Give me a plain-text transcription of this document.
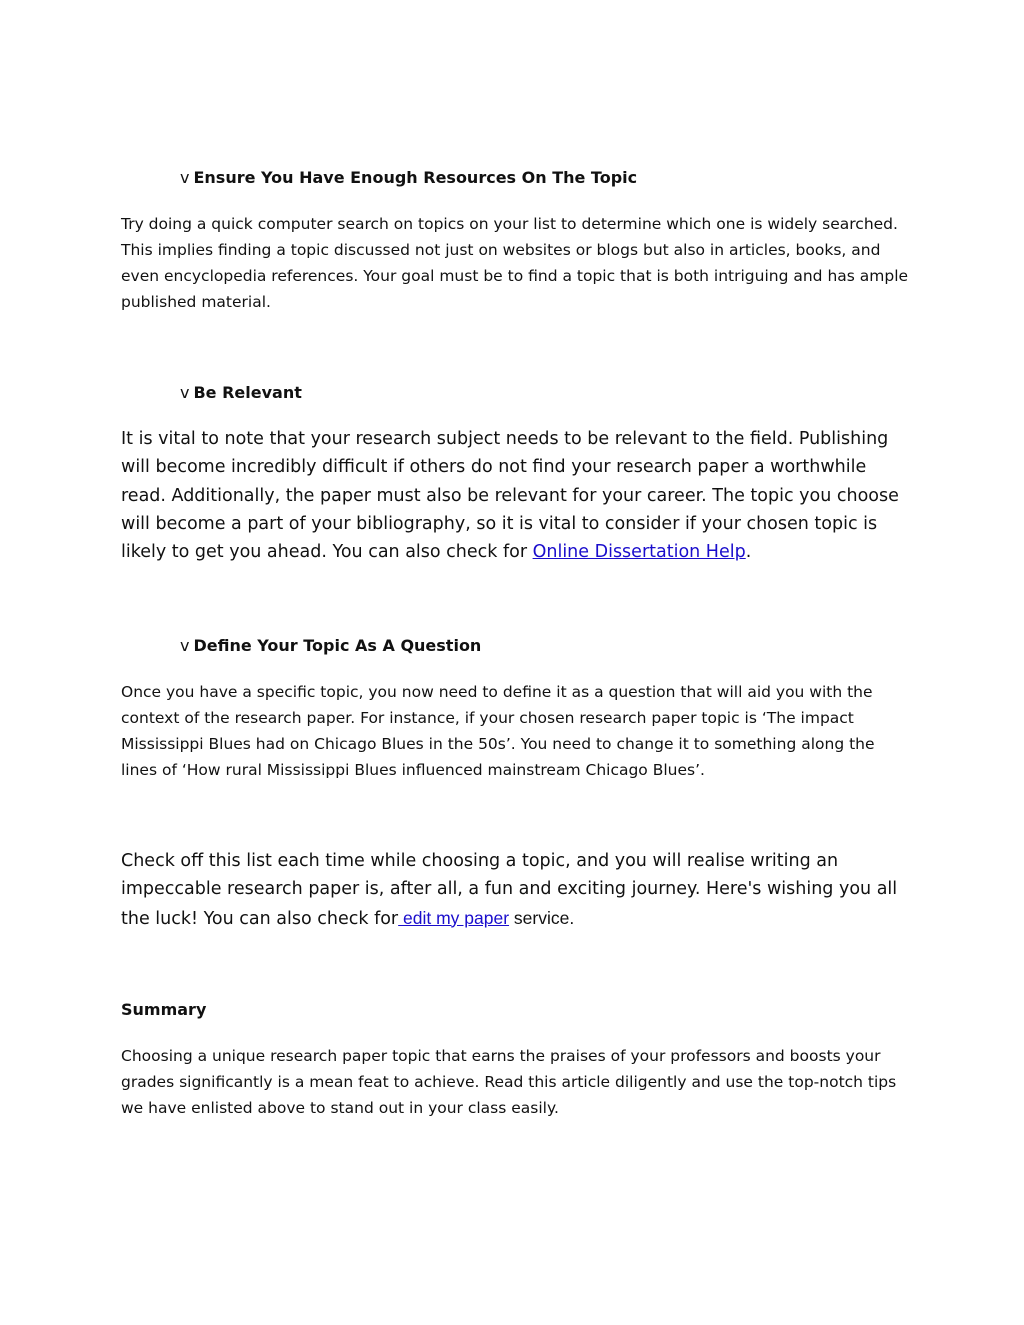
v Ensure You Have Enough Resources On The Topic

Try doing a quick computer search on topics on your list to determine which one is widely searched. This implies finding a topic discussed not just on websites or blogs but also in articles, books, and even encyclopedia references. Your goal must be to find a topic that is both intriguing and has ample published material.

v Be Relevant

It is vital to note that your research subject needs to be relevant to the field. Publishing will become incredibly difficult if others do not find your research paper a worthwhile read. Additionally, the paper must also be relevant for your career. The topic you choose will become a part of your bibliography, so it is vital to consider if your chosen topic is likely to get you ahead. You can also check for Online Dissertation Help.

v Define Your Topic As A Question

Once you have a specific topic, you now need to define it as a question that will aid you with the context of the research paper. For instance, if your chosen research paper topic is ‘The impact Mississippi Blues had on Chicago Blues in the 50s’. You need to change it to something along the lines of ‘How rural Mississippi Blues influenced mainstream Chicago Blues’.

Check off this list each time while choosing a topic, and you will realise writing an impeccable research paper is, after all, a fun and exciting journey. Here's wishing you all the luck! You can also check for edit my paper service.

Summary

Choosing a unique research paper topic that earns the praises of your professors and boosts your grades significantly is a mean feat to achieve. Read this article diligently and use the top-notch tips we have enlisted above to stand out in your class easily.
